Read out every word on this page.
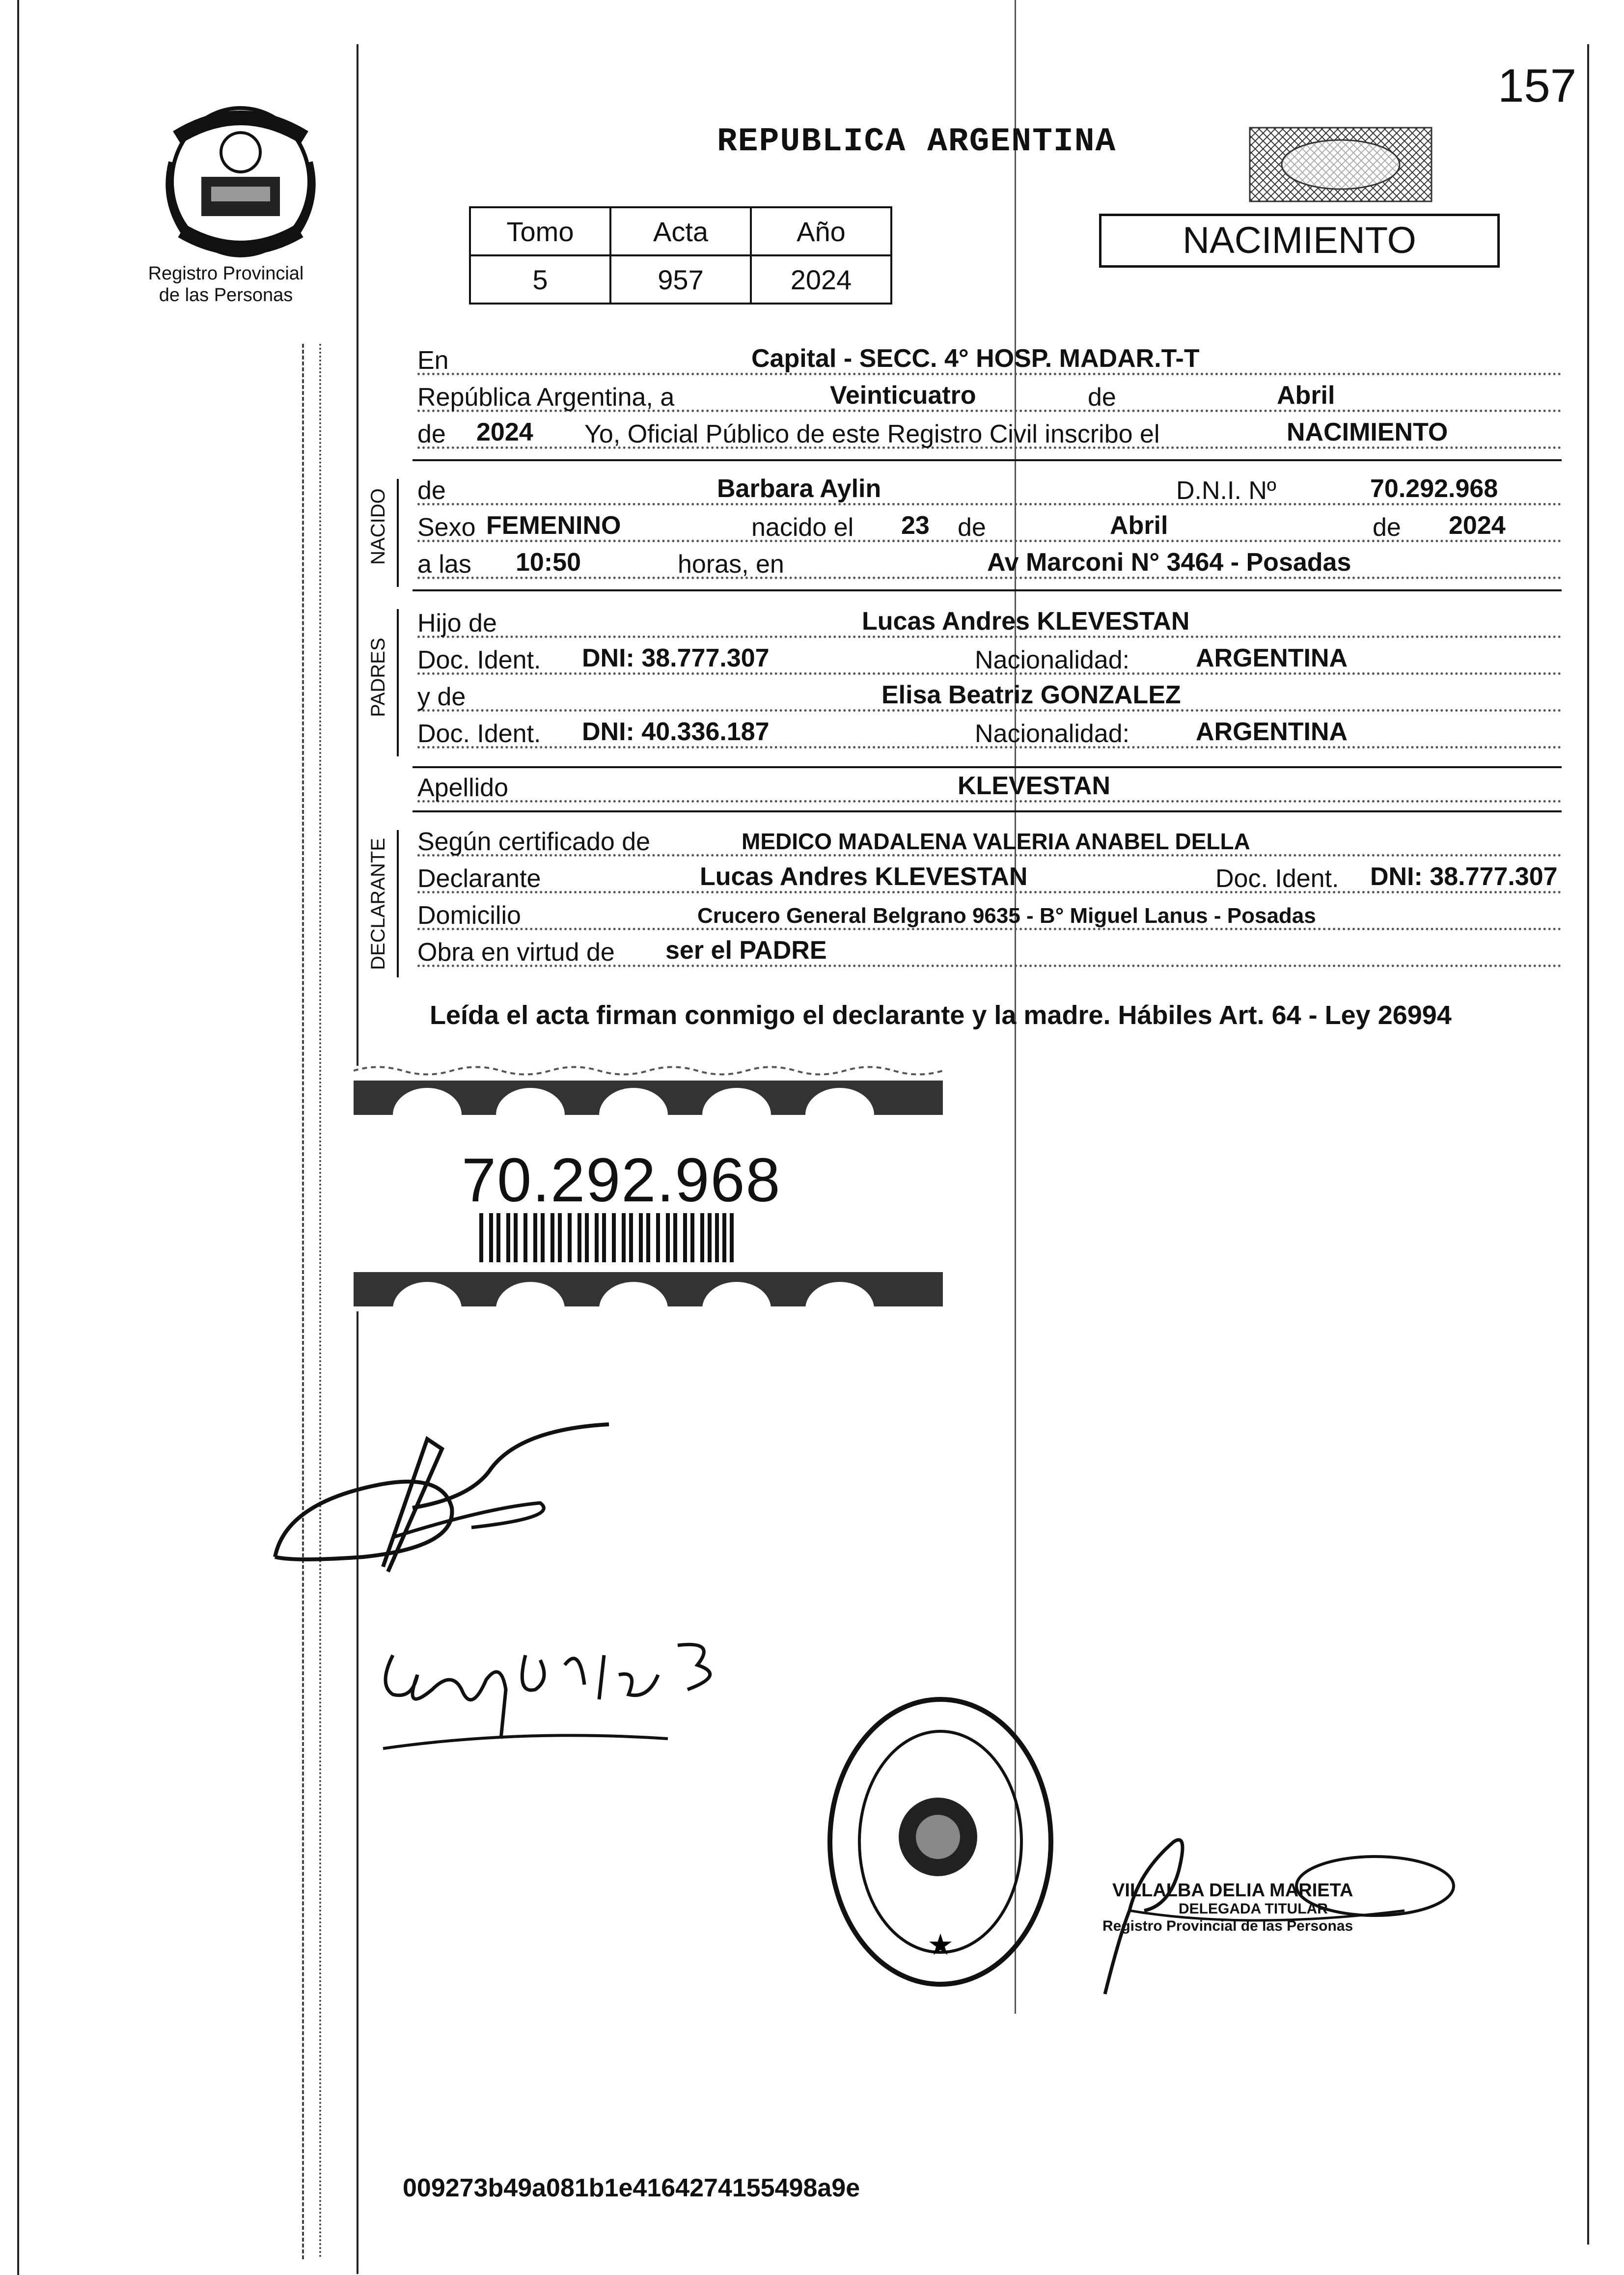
Registro Provincial
de las Personas
157
REPUBLICA ARGENTINA
Tomo	Acta	Año
5	957	2024
NACIMIENTO
En	Capital - SECC. 4° HOSP. MADAR.T-T
República Argentina, a	Veinticuatro	de	Abril
de 2024 Yo, Oficial Público de este Registro Civil inscribo el	NACIMIENTO
NACIDO de	Barbara Aylin	D.N.I. Nº	70.292.968
Sexo FEMENINO	nacido el 23 de	Abril	de 2024
a las 10:50	horas, en	Av Marconi N° 3464 - Posadas
PADRES
Hijo de	Lucas Andres KLEVESTAN
Doc. Ident. DNI: 38.777.307	Nacionalidad:	ARGENTINA
y de	Elisa Beatriz GONZALEZ
Doc. Ident. DNI: 40.336.187	Nacionalidad:	ARGENTINA
Apellido	KLEVESTAN
DECLARANTE Según certificado de	MEDICO MADALENA VALERIA ANABEL DELLA
Declarante	Lucas Andres KLEVESTAN	Doc. Ident. DNI: 38.777.307
Domicilio	Crucero General Belgrano 9635 - B° Miguel Lanus - Posadas
Obra en virtud de ser el PADRE
Leída el acta firman conmigo el declarante y la madre. Hábiles Art. 64 - Ley 26994
70.292.968
★
VILLALBA DELIA MARIETA
DELEGADA TITULAR
Registro Provincial de las Personas
009273b49a081b1e4164274155498a9e
